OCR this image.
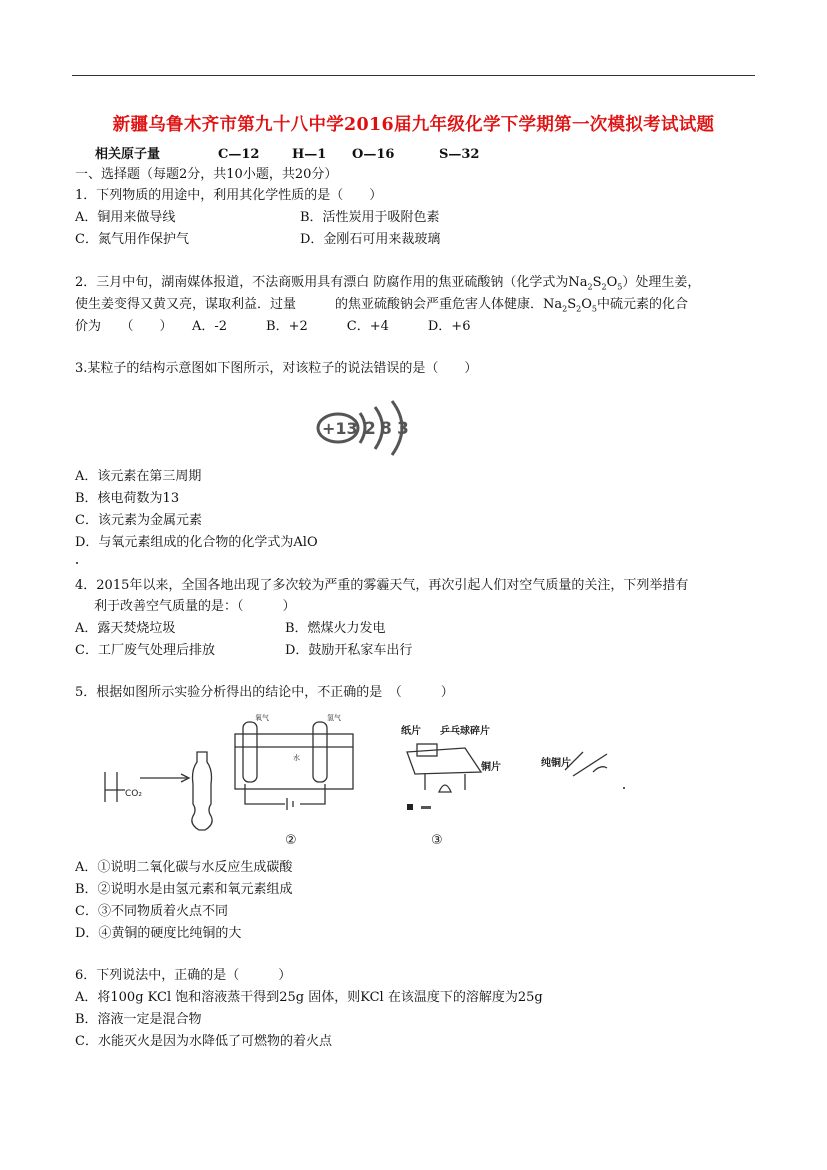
新疆乌鲁木齐市第九十八中学2016届九年级化学下学期第一次模拟考试试题
相关原子量	C—12	H—1 O—16	S—32
一、选择题（每题2分，共10小题，共20分）
1．下列物质的用途中，利用其化学性质的是（　　）
A．铜用来做导线	B．活性炭用于吸附色素
C．氮气用作保护气	D．金刚石可用来裁玻璃
2．三月中旬，湖南媒体报道，不法商贩用具有漂白 防腐作用的焦亚硫酸钠（化学式为$Na_2S_2O_5$）处理生姜，
使生姜变得又黄又亮，谋取利益．过量　　　的焦亚硫酸钠会严重危害人体健康．$Na_2S_2O_5$中硫元素的化合
价为　　（　　）　　A．-2　　　B．+2　　　C．+4　　　D．+6
3.某粒子的结构示意图如下图所示，对该粒子的说法错误的是（　　）
+13 2 8 3
A．该元素在第三周期
B．核电荷数为13
C．该元素为金属元素
D．与氧元素组成的化合物的化学式为AlO
4．2015年以来，全国各地出现了多次较为严重的雾霾天气，再次引起人们对空气质量的关注，下列举措有
利于改善空气质量的是：（　　　）
A．露天焚烧垃圾	B．燃煤火力发电
C．工厂废气处理后排放	D．鼓励开私家车出行
5．根据如图所示实验分析得出的结论中，不正确的是　（　　　）
CO₂
氧气	氢气
水
纸片 乒乓球碎片
铜片	纯铜片
②	③
A．①说明二氧化碳与水反应生成碳酸
B．②说明水是由氢元素和氧元素组成
C．③不同物质着火点不同
D．④黄铜的硬度比纯铜的大
6．下列说法中，正确的是（　　　）
A．将100g KCl 饱和溶液蒸干得到25g 固体，则KCl 在该温度下的溶解度为25g
B．溶液一定是混合物
C．水能灭火是因为水降低了可燃物的着火点
